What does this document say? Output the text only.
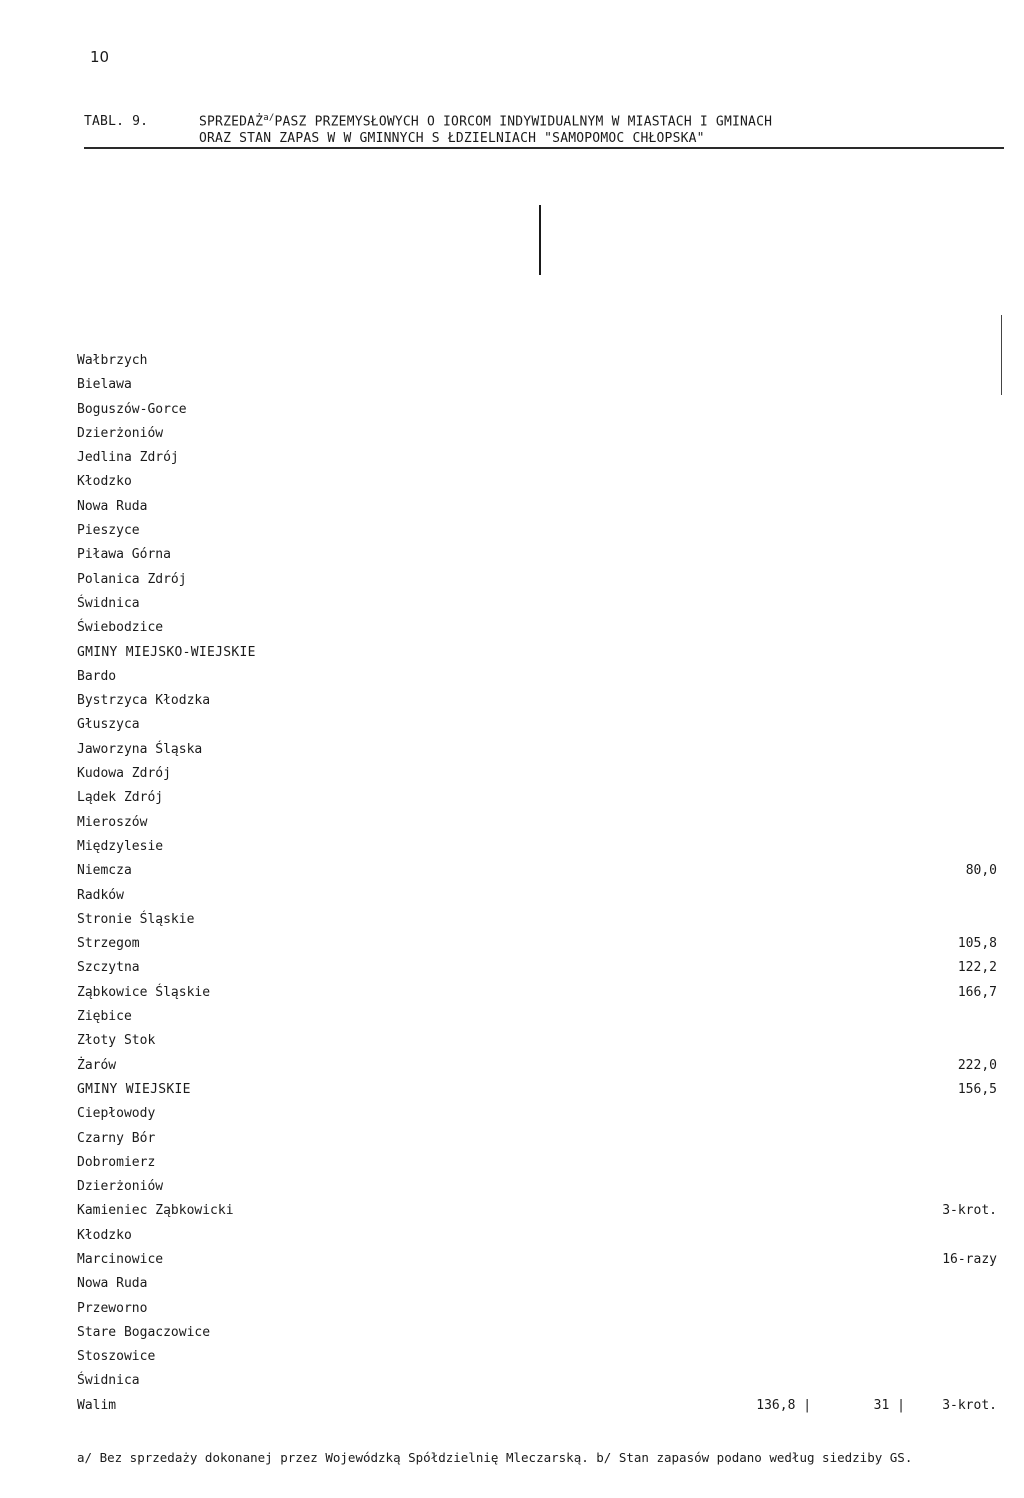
10
TABL. 9.	$SPRZEDAŻ^{a/}PASZ$ PRZEMYSŁOWYCH O IORCOM INDYWIDUALNYM W MIASTACH I GMINACH
ORAZ STAN ZAPAS W W GMINNYCH S ŁDZIELNIACH "SAMOPOMOC CHŁOPSKA"
Wałbrzych
Bielawa
Boguszów-Gorce
Dzierżoniów
Jedlina Zdrój
Kłodzko
Nowa Ruda
Pieszyce
Piława Górna
Polanica Zdrój
Świdnica
Świebodzice
GMINY MIEJSKO-WIEJSKIE
Bardo
Bystrzyca Kłodzka
Głuszyca
Jaworzyna Śląska
Kudowa Zdrój
Lądek Zdrój
Mieroszów
Międzylesie
Niemcza	80,0
Radków
Stronie Śląskie
Strzegom	105,8
Szczytna	122,2
Ząbkowice Śląskie	166,7
Ziębice
Złoty Stok
Żarów	222,0
GMINY WIEJSKIE	156,5
Ciepłowody
Czarny Bór
Dobromierz
Dzierżoniów
Kamieniec Ząbkowicki	3-krot.
Kłodzko
Marcinowice	16-razy
Nowa Ruda
Przeworno
Stare Bogaczowice
Stoszowice
Świdnica
Walim	136,8 |        31 |	3-krot.
a/ Bez sprzedaży dokonanej przez Wojewódzką Spółdzielnię Mleczarską. b/ Stan zapasów podano według siedziby GS.
